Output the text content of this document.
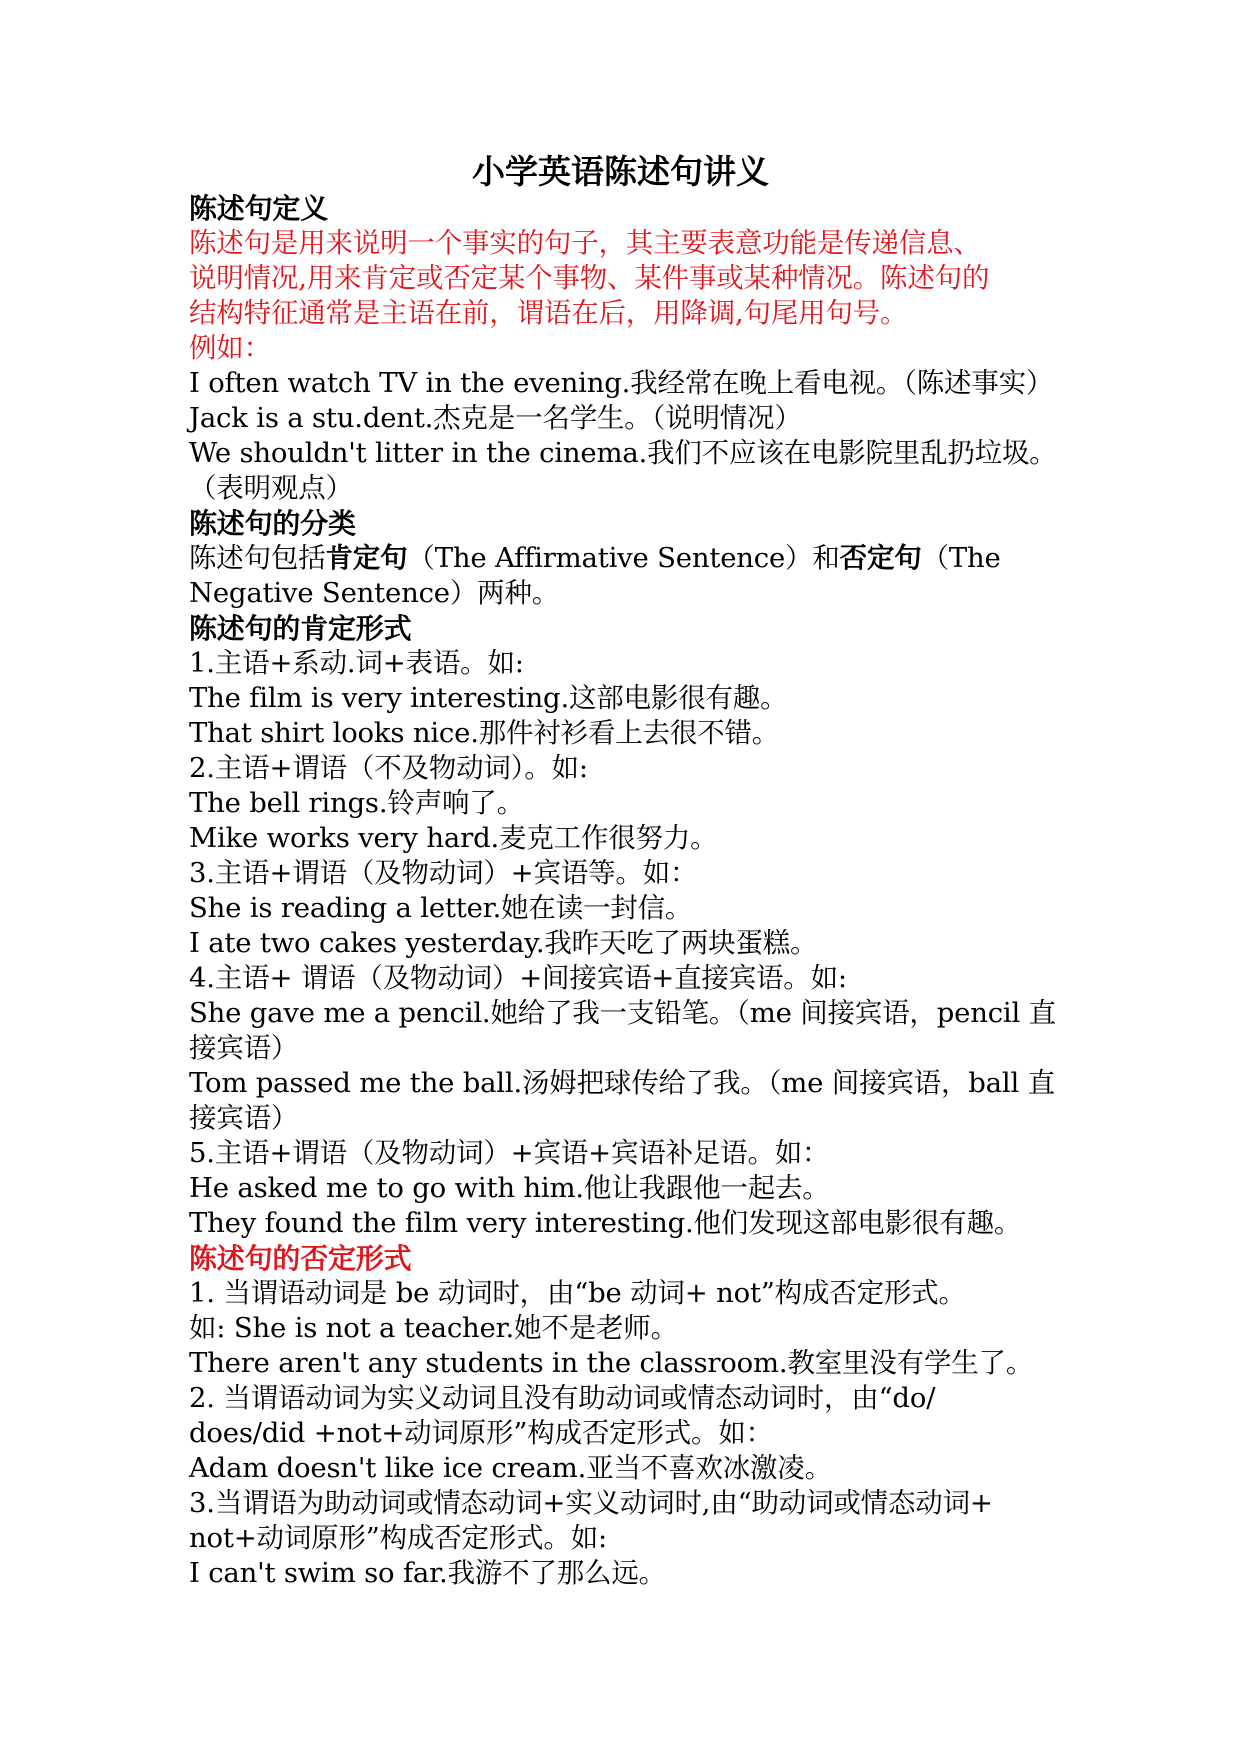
小学英语陈述句讲义
陈述句定义
陈述句是用来说明一个事实的句子，其主要表意功能是传递信息、
说明情况,用来肯定或否定某个事物、某件事或某种情况。陈述句的
结构特征通常是主语在前，谓语在后，用降调,句尾用句号。
例如：
I often watch TV in the evening.我经常在晚上看电视。（陈述事实）
Jack is a stu.dent.杰克是一名学生。（说明情况）
We shouldn't litter in the cinema.我们不应该在电影院里乱扔垃圾。
（表明观点）
陈述句的分类
陈述句包括肯定句（The Affirmative Sentence）和否定句（The
Negative Sentence）两种。
陈述句的肯定形式
1.主语+系动.词+表语。如:
The film is very interesting.这部电影很有趣。
That shirt looks nice.那件衬衫看上去很不错。
2.主语+谓语（不及物动词）。如:
The bell rings.铃声响了。
Mike works very hard.麦克工作很努力。
3.主语+谓语（及物动词）+宾语等。如：
She is reading a letter.她在读一封信。
I ate two cakes yesterday.我昨天吃了两块蛋糕。
4.主语+ 谓语（及物动词）+间接宾语+直接宾语。如:
She gave me a pencil.她给了我一支铅笔。（me 间接宾语，pencil 直
接宾语）
Tom passed me the ball.汤姆把球传给了我。（me 间接宾语，ball 直
接宾语）
5.主语+谓语（及物动词）+宾语+宾语补足语。如：
He asked me to go with him.他让我跟他一起去。
They found the film very interesting.他们发现这部电影很有趣。
陈述句的否定形式
1. 当谓语动词是 be 动词时，由“be 动词+ not”构成否定形式。
如: She is not a teacher.她不是老师。
There aren't any students in the classroom.教室里没有学生了。
2. 当谓语动词为实义动词且没有助动词或情态动词时，由“do/
does/did +not+动词原形”构成否定形式。如：
Adam doesn't like ice cream.亚当不喜欢冰激凌。
3.当谓语为助动词或情态动词+实义动词时,由“助动词或情态动词+
not+动词原形”构成否定形式。如:
I can't swim so far.我游不了那么远。
